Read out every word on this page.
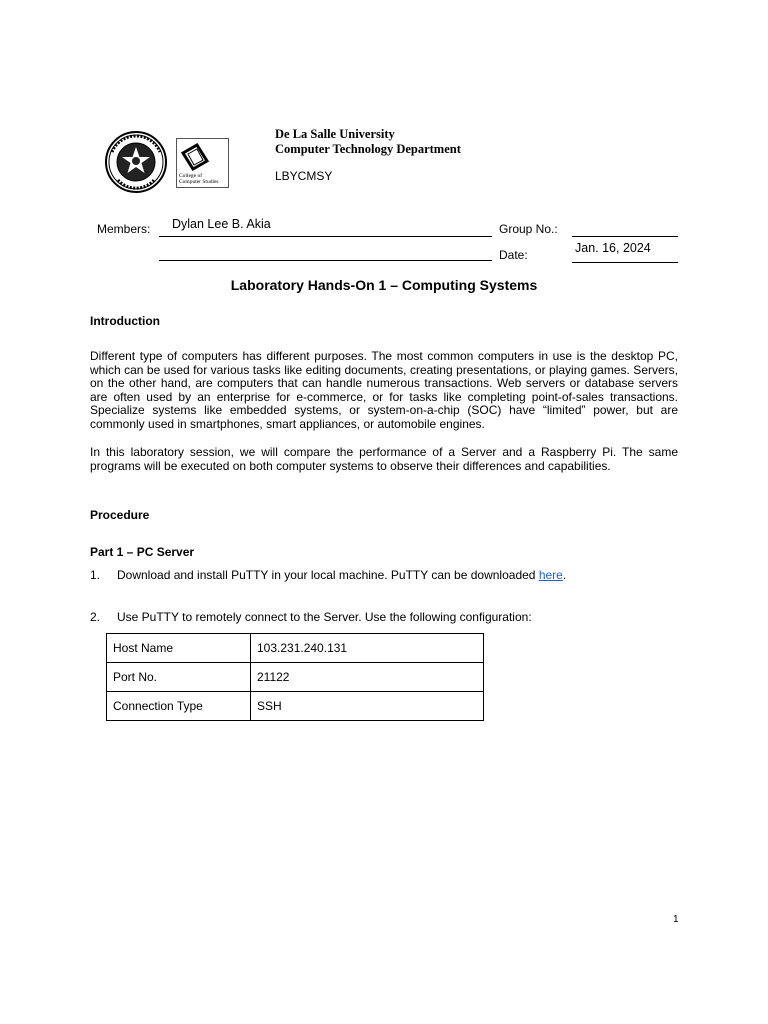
College of Computer Studies
De La Salle University
Computer Technology Department
LBYCMSY
Members: Dylan Lee B. Akia	Group No.:
Date:	Jan. 16, 2024
Laboratory Hands-On 1 – Computing Systems
Introduction
Different type of computers has different purposes. The most common computers in use is the desktop PC, which can be used for various tasks like editing documents, creating presentations, or playing games. Servers, on the other hand, are computers that can handle numerous transactions. Web servers or database servers are often used by an enterprise for e-commerce, or for tasks like completing point-of-sales transactions. Specialize systems like embedded systems, or system-on-a-chip (SOC) have “limited” power, but are commonly used in smartphones, smart appliances, or automobile engines.
In this laboratory session, we will compare the performance of a Server and a Raspberry Pi. The same programs will be executed on both computer systems to observe their differences and capabilities.
Procedure
Part 1 – PC Server
1. Download and install PuTTY in your local machine. PuTTY can be downloaded here.
2. Use PuTTY to remotely connect to the Server. Use the following configuration:
Host Name	103.231.240.131
Port No.	21122
Connection Type	SSH
1
